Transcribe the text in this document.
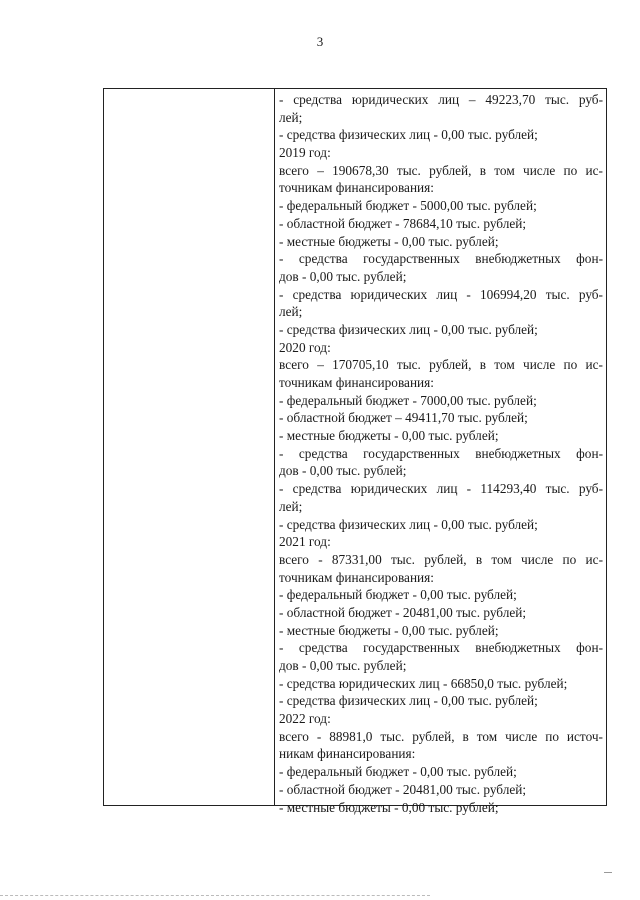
3
- средства юридических лиц – 49223,70 тыс. руб-
лей;
- средства физических лиц - 0,00 тыс. рублей;
2019 год:
всего – 190678,30 тыс. рублей, в том числе по ис-
точникам финансирования:
- федеральный бюджет - 5000,00 тыс. рублей;
- областной бюджет - 78684,10 тыс. рублей;
- местные бюджеты - 0,00 тыс. рублей;
- средства государственных внебюджетных фон-
дов - 0,00 тыс. рублей;
- средства юридических лиц - 106994,20 тыс. руб-
лей;
- средства физических лиц - 0,00 тыс. рублей;
2020 год:
всего – 170705,10 тыс. рублей, в том числе по ис-
точникам финансирования:
- федеральный бюджет - 7000,00 тыс. рублей;
- областной бюджет – 49411,70 тыс. рублей;
- местные бюджеты - 0,00 тыс. рублей;
- средства государственных внебюджетных фон-
дов - 0,00 тыс. рублей;
- средства юридических лиц - 114293,40 тыс. руб-
лей;
- средства физических лиц - 0,00 тыс. рублей;
2021 год:
всего - 87331,00 тыс. рублей, в том числе по ис-
точникам финансирования:
- федеральный бюджет - 0,00 тыс. рублей;
- областной бюджет - 20481,00 тыс. рублей;
- местные бюджеты - 0,00 тыс. рублей;
- средства государственных внебюджетных фон-
дов - 0,00 тыс. рублей;
- средства юридических лиц - 66850,0 тыс. рублей;
- средства физических лиц - 0,00 тыс. рублей;
2022 год:
всего - 88981,0 тыс. рублей, в том числе по источ-
никам финансирования:
- федеральный бюджет - 0,00 тыс. рублей;
- областной бюджет - 20481,00 тыс. рублей;
- местные бюджеты - 0,00 тыс. рублей;
